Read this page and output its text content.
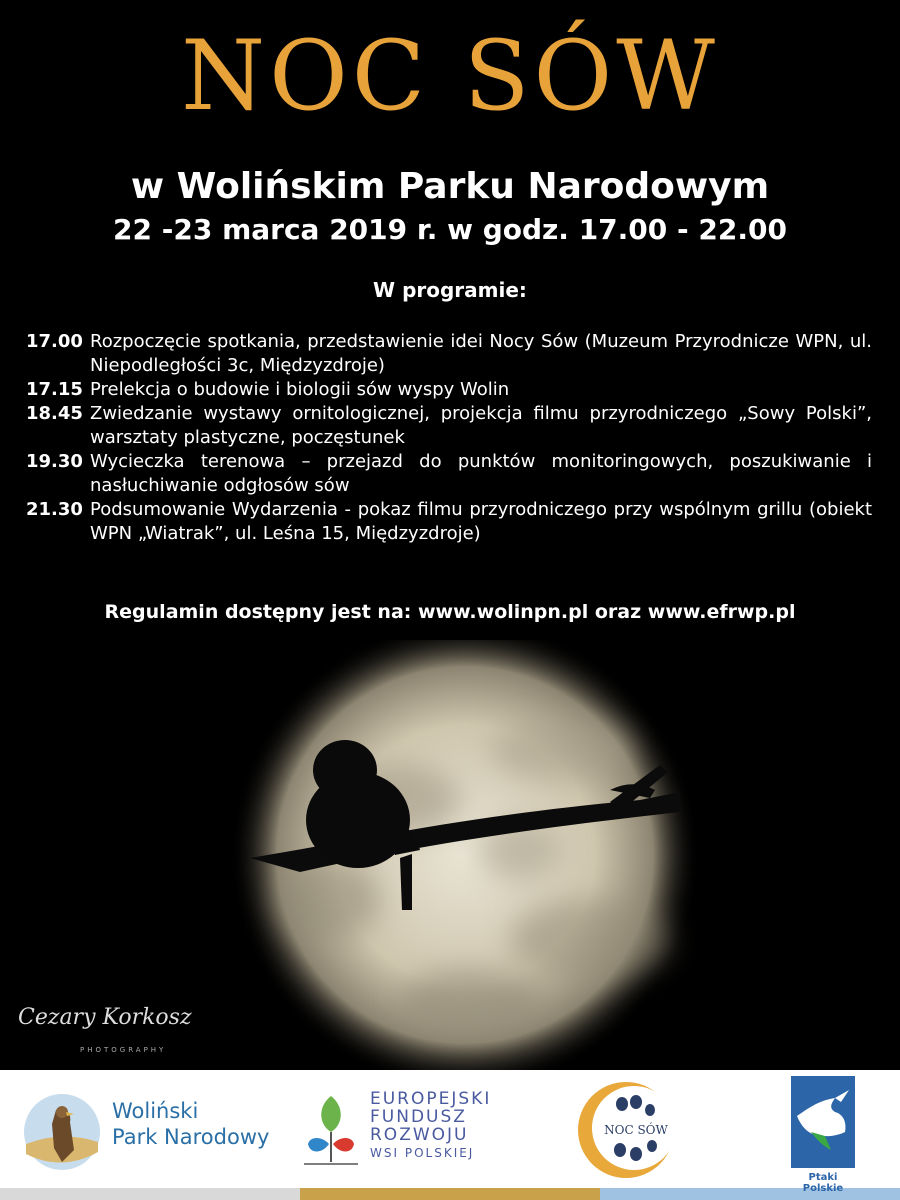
NOC SÓW
w Wolińskim Parku Narodowym
22 -23 marca 2019 r. w godz. 17.00 - 22.00
W programie:
17.00 Rozpoczęcie spotkania, przedstawienie idei Nocy Sów (Muzeum Przyrodnicze WPN, ul. Niepodległości 3c, Międzyzdroje)
17.15 Prelekcja o budowie i biologii sów wyspy Wolin
18.45 Zwiedzanie wystawy ornitologicznej, projekcja filmu przyrodniczego „Sowy Polski”, warsztaty plastyczne, poczęstunek
19.30 Wycieczka terenowa – przejazd do punktów monitoringowych, poszukiwanie i nasłuchiwanie odgłosów sów
21.30 Podsumowanie Wydarzenia - pokaz filmu przyrodniczego przy wspólnym grillu (obiekt WPN „Wiatrak”, ul. Leśna 15, Międzyzdroje)
Regulamin dostępny jest na: www.wolinpn.pl oraz www.efrwp.pl
Cezary Korkosz
PHOTOGRAPHY
Woliński
Park Narodowy
EUROPEJSKI
FUNDUSZ
ROZWOJU
WSI POLSKIEJ
NOC SÓW
Ptaki Polskie
